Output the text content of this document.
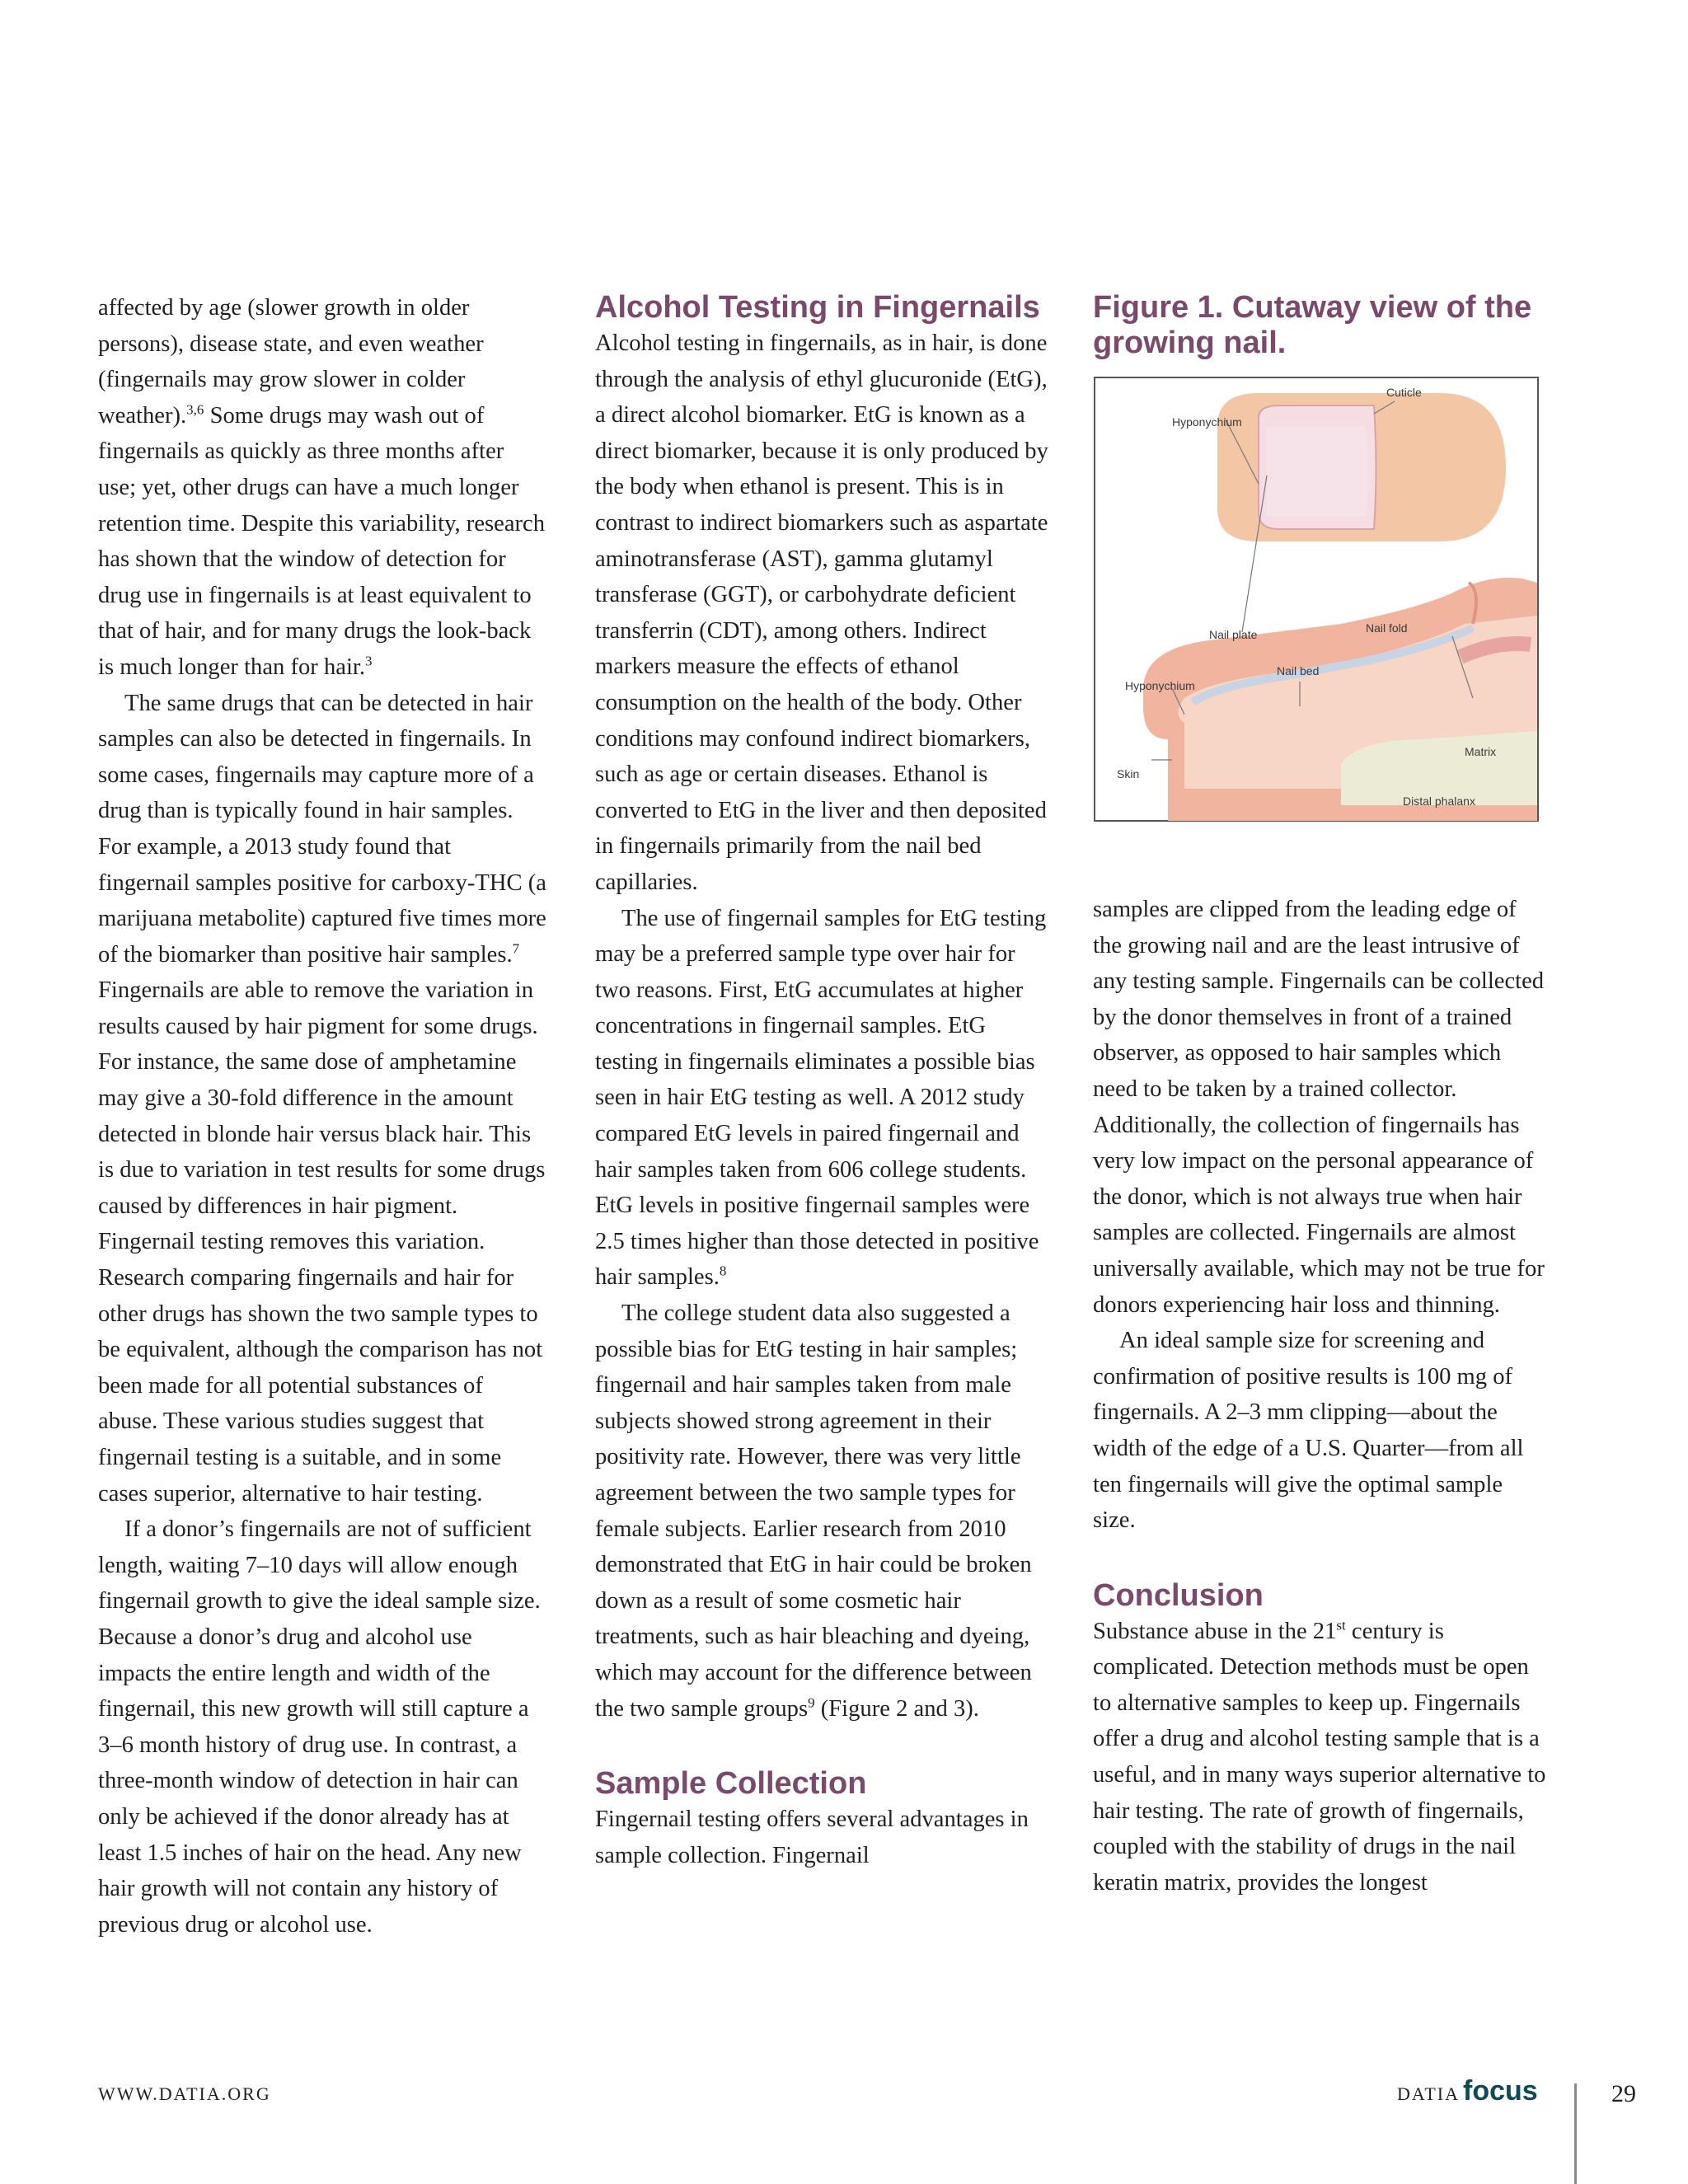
affected by age (slower growth in older persons), disease state, and even weather (fingernails may grow slower in colder weather).$^{3,6}$ Some drugs may wash out of fingernails as quickly as three months after use; yet, other drugs can have a much longer retention time. Despite this variability, research has shown that the window of detection for drug use in fingernails is at least equivalent to that of hair, and for many drugs the look-back is much longer than for hair.$^3$

The same drugs that can be detected in hair samples can also be detected in fingernails. In some cases, fingernails may capture more of a drug than is typically found in hair samples. For example, a 2013 study found that fingernail samples positive for carboxy-THC (a marijuana metabolite) captured five times more of the biomarker than positive hair samples.$^7$ Fingernails are able to remove the variation in results caused by hair pigment for some drugs. For instance, the same dose of amphetamine may give a 30-fold difference in the amount detected in blonde hair versus black hair. This is due to variation in test results for some drugs caused by differences in hair pigment. Fingernail testing removes this variation. Research comparing fingernails and hair for other drugs has shown the two sample types to be equivalent, although the comparison has not been made for all potential substances of abuse. These various studies suggest that fingernail testing is a suitable, and in some cases superior, alternative to hair testing.

If a donor’s fingernails are not of sufficient length, waiting 7–10 days will allow enough fingernail growth to give the ideal sample size. Because a donor’s drug and alcohol use impacts the entire length and width of the fingernail, this new growth will still capture a 3–6 month history of drug use. In contrast, a three-month window of detection in hair can only be achieved if the donor already has at least 1.5 inches of hair on the head. Any new hair growth will not contain any history of previous drug or alcohol use.

Alcohol Testing in Fingernails

Alcohol testing in fingernails, as in hair, is done through the analysis of ethyl glucuronide (EtG), a direct alcohol biomarker. EtG is known as a direct biomarker, because it is only produced by the body when ethanol is present. This is in contrast to indirect biomarkers such as aspartate aminotransferase (AST), gamma glutamyl transferase (GGT), or carbohydrate deficient transferrin (CDT), among others. Indirect markers measure the effects of ethanol consumption on the health of the body. Other conditions may confound indirect biomarkers, such as age or certain diseases. Ethanol is converted to EtG in the liver and then deposited in fingernails primarily from the nail bed capillaries.

The use of fingernail samples for EtG testing may be a preferred sample type over hair for two reasons. First, EtG accumulates at higher concentrations in fingernail samples. EtG testing in fingernails eliminates a possible bias seen in hair EtG testing as well. A 2012 study compared EtG levels in paired fingernail and hair samples taken from 606 college students. EtG levels in positive fingernail samples were 2.5 times higher than those detected in positive hair samples.$^8$

The college student data also suggested a possible bias for EtG testing in hair samples; fingernail and hair samples taken from male subjects showed strong agreement in their positivity rate. However, there was very little agreement between the two sample types for female subjects. Earlier research from 2010 demonstrated that EtG in hair could be broken down as a result of some cosmetic hair treatments, such as hair bleaching and dyeing, which may account for the difference between the two sample groups$^9$ (Figure 2 and 3).

Sample Collection

Fingernail testing offers several advantages in sample collection. Fingernail

Figure 1. Cutaway view of the growing nail.
Cuticle
Hyponychium
Nail plate	Nail fold
Nail bed
Hyponychium
Matrix
Skin
Distal phalanx

samples are clipped from the leading edge of the growing nail and are the least intrusive of any testing sample. Fingernails can be collected by the donor themselves in front of a trained observer, as opposed to hair samples which need to be taken by a trained collector. Additionally, the collection of fingernails has very low impact on the personal appearance of the donor, which is not always true when hair samples are collected. Fingernails are almost universally available, which may not be true for donors experiencing hair loss and thinning.

An ideal sample size for screening and confirmation of positive results is 100 mg of fingernails. A 2–3 mm clipping—about the width of the edge of a U.S. Quarter—from all ten fingernails will give the optimal sample size.

Conclusion

Substance abuse in the 21st century is complicated. Detection methods must be open to alternative samples to keep up. Fingernails offer a drug and alcohol testing sample that is a useful, and in many ways superior alternative to hair testing. The rate of growth of fingernails, coupled with the stability of drugs in the nail keratin matrix, provides the longest

WWW.DATIA.ORG	DATIA focus	29
